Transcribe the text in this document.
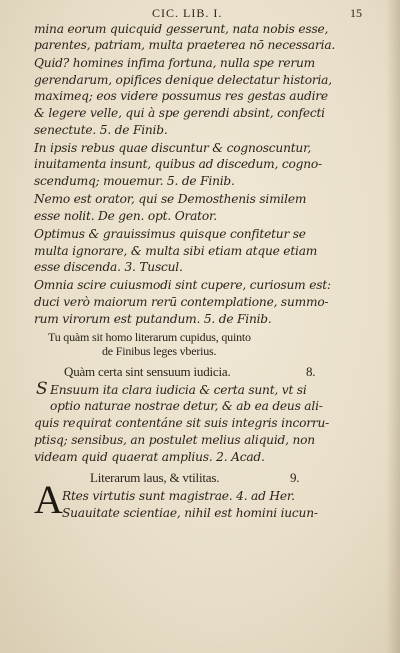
CIC. LIB. I.	15
mina eorum quicquid gesserunt, nata nobis esse,
parentes, patriam, multa praeterea nō necessaria.
Quid? homines infima fortuna, nulla spe rerum
gerendarum, opifices denique delectatur historia,
maximeq; eos videre possumus res gestas audire
& legere velle, qui à spe gerendi absint, confecti
senectute. 5. de Finib.
In ipsis rebus quae discuntur & cognoscuntur,
inuitamenta insunt, quibus ad discedum, cogno-
scendumq; mouemur. 5. de Finib.
Nemo est orator, qui se Demosthenis similem
esse nolit. De gen. opt. Orator.
Optimus & grauissimus quisque confitetur se
multa ignorare, & multa sibi etiam atque etiam
esse discenda. 3. Tuscul.
Omnia scire cuiusmodi sint cupere, curiosum est:
duci verò maiorum rerū contemplatione, summo-
rum virorum est putandum. 5. de Finib.
Tu quàm sit homo literarum cupidus, quinto
de Finibus leges vberius.
Quàm certa sint sensuum iudicia.	8.
S Ensuum ita clara iudicia & certa sunt, vt si
optio naturae nostrae detur, & ab ea deus ali-
quis requirat contentáne sit suis integris incorru-
ptisq; sensibus, an postulet melius aliquid, non
videam quid quaerat amplius. 2. Acad.
Literarum laus, & vtilitas.	9.
Rtes virtutis sunt magistrae. 4. ad Her.
Suauitate scientiae, nihil est homini iucun-
A
